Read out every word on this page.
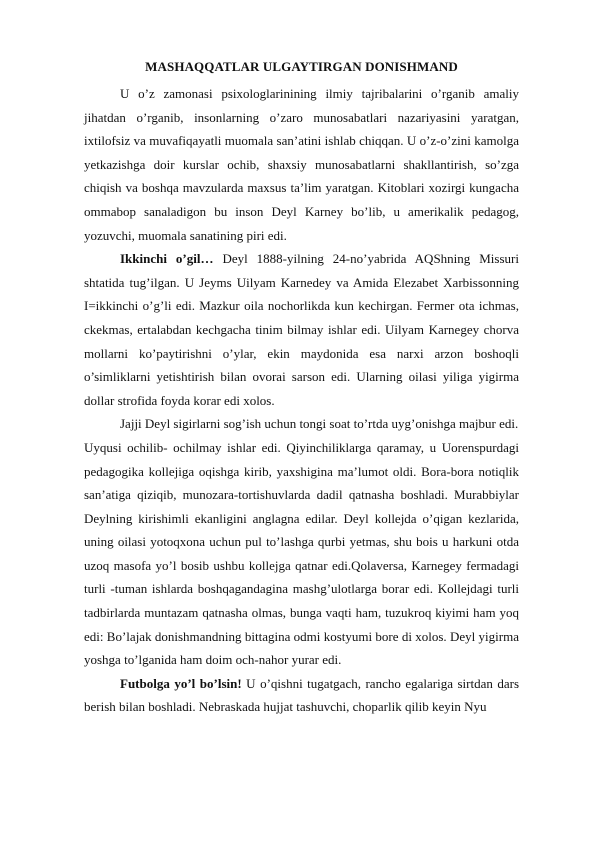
MASHAQQATLAR ULGAYTIRGAN DONISHMAND

U o’z zamonasi psixologlarinining ilmiy tajribalarini o’rganib amaliy jihatdan o’rganib, insonlarning o’zaro munosabatlari nazariyasini yaratgan, ixtilofsiz va muvafiqayatli muomala san’atini ishlab chiqqan. U o’z-o’zini kamolga yetkazishga doir kurslar ochib, shaxsiy munosabatlarni shakllantirish, so’zga chiqish va boshqa mavzularda maxsus ta’lim yaratgan. Kitoblari xozirgi kungacha ommabop sanaladigon bu inson Deyl Karney bo’lib, u amerikalik pedagog, yozuvchi, muomala sanatining piri edi.

Ikkinchi o’gil… Deyl 1888-yilning 24-no’yabrida AQShning Missuri shtatida tug’ilgan. U Jeyms Uilyam Karnedey va Amida Elezabet Xarbissonning I=ikkinchi o’g’li edi. Mazkur oila nochorlikda kun kechirgan. Fermer ota ichmas, ckekmas, ertalabdan kechgacha tinim bilmay ishlar edi. Uilyam Karnegey chorva mollarni ko’paytirishni o’ylar, ekin maydonida esa narxi arzon boshoqli o’simliklarni yetishtirish bilan ovorai sarson edi. Ularning oilasi yiliga yigirma dollar strofida foyda korar edi xolos.

Jajji Deyl sigirlarni sog’ish uchun tongi soat to’rtda uyg’onishga majbur edi.

Uyqusi ochilib- ochilmay ishlar edi. Qiyinchiliklarga qaramay, u Uorenspurdagi pedagogika kollejiga oqishga kirib, yaxshigina ma’lumot oldi. Bora-bora notiqlik san’atiga qiziqib, munozara-tortishuvlarda dadil qatnasha boshladi. Murabbiylar Deylning kirishimli ekanligini anglagna edilar. Deyl kollejda o’qigan kezlarida, uning oilasi yotoqxona uchun pul to’lashga qurbi yetmas, shu bois u harkuni otda uzoq masofa yo’l bosib ushbu kollejga qatnar edi.Qolaversa, Karnegey fermadagi turli -tuman ishlarda boshqagandagina mashg’ulotlarga borar edi. Kollejdagi turli tadbirlarda muntazam qatnasha olmas, bunga vaqti ham, tuzukroq kiyimi ham yoq edi: Bo’lajak donishmandning bittagina odmi kostyumi bore di xolos. Deyl yigirma yoshga to’lganida ham doim och-nahor yurar edi.

Futbolga yo’l bo’lsin! U o’qishni tugatgach, rancho egalariga sirtdan dars berish bilan boshladi. Nebraskada hujjat tashuvchi, choparlik qilib keyin Nyu
